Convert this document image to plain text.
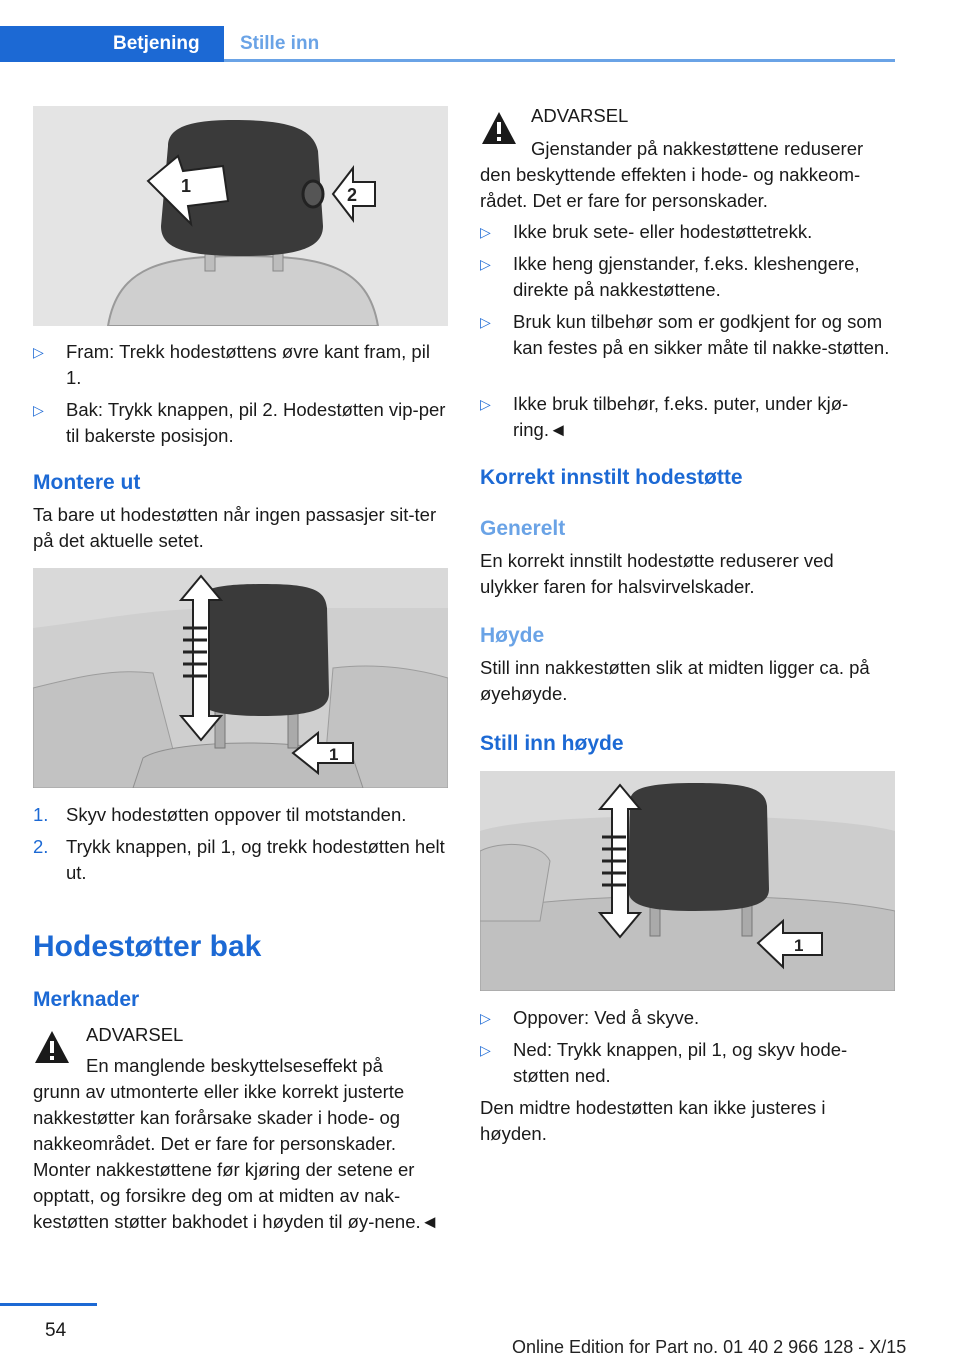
Betjening Stille inn
1	2
▷ Fram: Trekk hodestøttens øvre kant fram, pil 1.
▷ Bak: Trykk knappen, pil 2. Hodestøtten vip-per til bakerste posisjon.
Montere ut
Ta bare ut hodestøtten når ingen passasjer sit-ter på det aktuelle setet.
1
1. Skyv hodestøtten oppover til motstanden.
2. Trykk knappen, pil 1, og trekk hodestøtten helt ut.
Hodestøtter bak
Merknader
ADVARSEL
En manglende beskyttelseseffekt på
grunn av utmonterte eller ikke korrekt justerte nakkestøtter kan forårsake skader i hode- og nakkeområdet. Det er fare for personskader. Monter nakkestøttene før kjøring der setene er opptatt, og forsikre deg om at midten av nak-kestøtten støtter bakhodet i høyden til øy-nene.◄
ADVARSEL
Gjenstander på nakkestøttene reduserer
den beskyttende effekten i hode- og nakkeom-rådet. Det er fare for personskader.
▷ Ikke bruk sete- eller hodestøttetrekk.
▷ Ikke heng gjenstander, f.eks. kleshengere, direkte på nakkestøttene.
▷ Bruk kun tilbehør som er godkjent for og som kan festes på en sikker måte til nakke-støtten.
▷ Ikke bruk tilbehør, f.eks. puter, under kjø-ring.◄
Korrekt innstilt hodestøtte
Generelt
En korrekt innstilt hodestøtte reduserer ved ulykker faren for halsvirvelskader.
Høyde
Still inn nakkestøtten slik at midten ligger ca. på øyehøyde.
Still inn høyde
1
▷ Oppover: Ved å skyve.
▷ Ned: Trykk knappen, pil 1, og skyv hode-støtten ned.
Den midtre hodestøtten kan ikke justeres i høyden.
54
Online Edition for Part no. 01 40 2 966 128 - X/15
